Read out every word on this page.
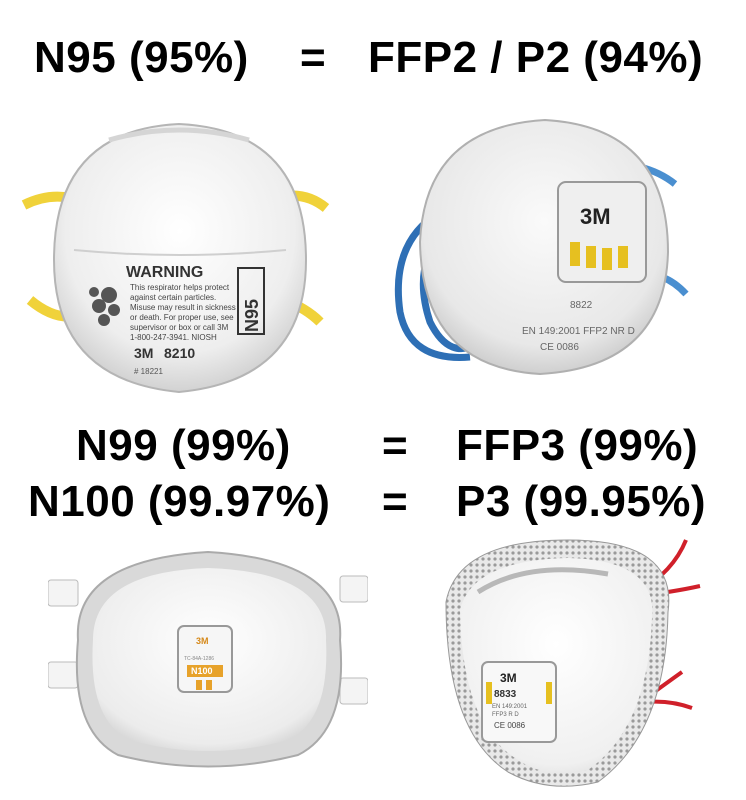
N95 (95%) = FFP2 / P2 (94%)
N99 (99%) = FFP3 (99%)
N100 (99.97%) = P3 (99.95%)
WARNING
This respirator helps protect
against certain particles.
Misuse may result in sickness
or death. For proper use, see
supervisor or box or call 3M
1-800-247-3941. NIOSH
3M 8210
# 18221
N95
3M
8822
EN 149:2001 FFP2 NR D
CE 0086
3M
TC-84A-1286
N100	3M
8833
EN 149:2001
FFP3 R D
CE 0086
